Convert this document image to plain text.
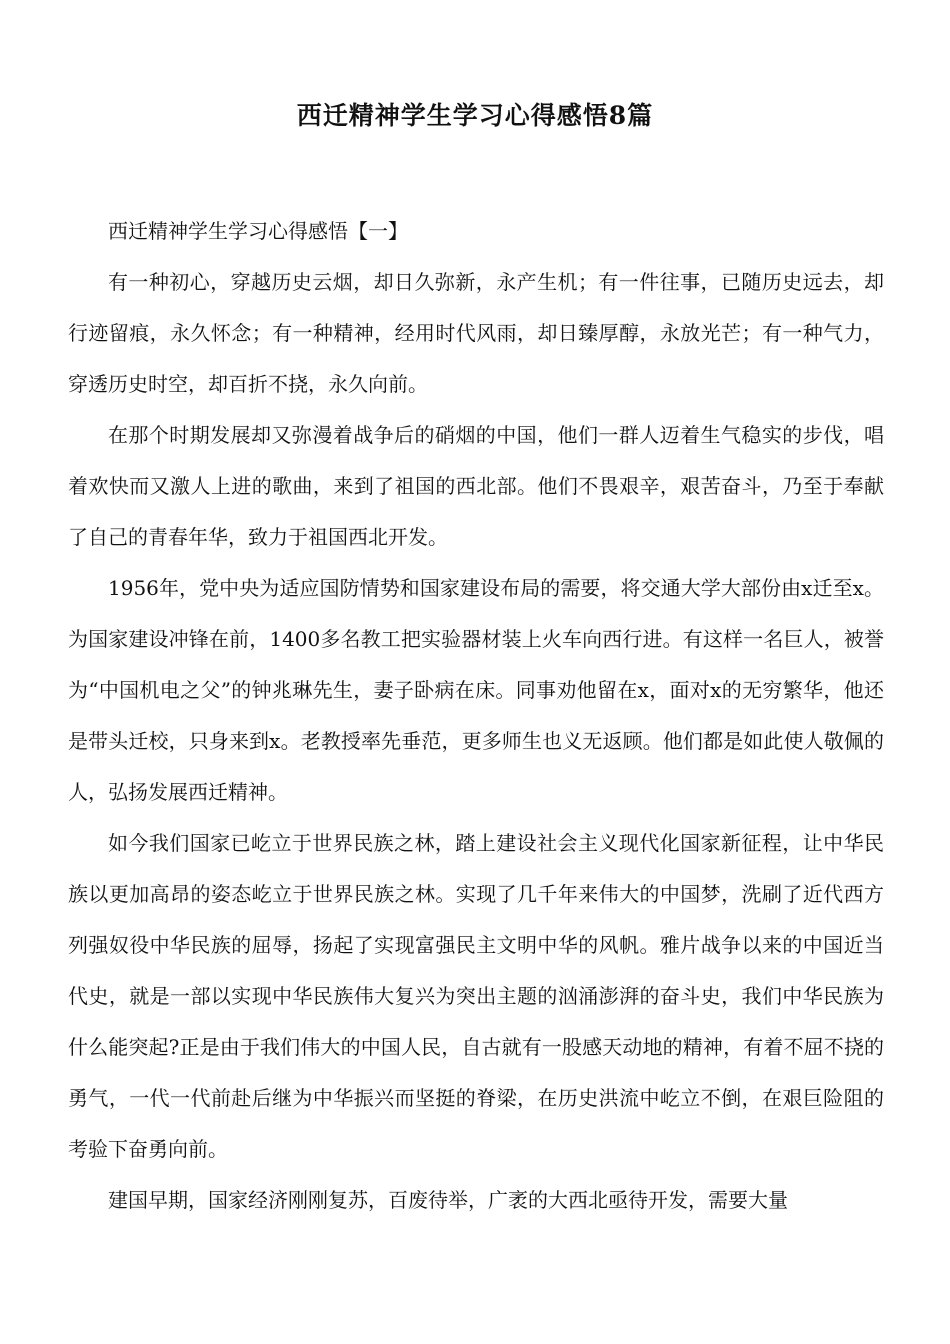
西迁精神学生学习心得感悟8篇

西迁精神学生学习心得感悟【一】

有一种初心，穿越历史云烟，却日久弥新，永产生机；有一件往事，已随历史远去，却行迹留痕，永久怀念；有一种精神，经用时代风雨，却日臻厚醇，永放光芒；有一种气力，穿透历史时空，却百折不挠，永久向前。

在那个时期发展却又弥漫着战争后的硝烟的中国，他们一群人迈着生气稳实的步伐，唱着欢快而又激人上进的歌曲，来到了祖国的西北部。他们不畏艰辛，艰苦奋斗，乃至于奉献了自己的青春年华，致力于祖国西北开发。

1956年，党中央为适应国防情势和国家建设布局的需要，将交通大学大部份由x迁至x。为国家建设冲锋在前，1400多名教工把实验器材装上火车向西行进。有这样一名巨人，被誉为“中国机电之父”的钟兆琳先生，妻子卧病在床。同事劝他留在x，面对x的无穷繁华，他还是带头迁校，只身来到x。老教授率先垂范，更多师生也义无返顾。他们都是如此使人敬佩的人，弘扬发展西迁精神。

如今我们国家已屹立于世界民族之林，踏上建设社会主义现代化国家新征程，让中华民族以更加高昂的姿态屹立于世界民族之林。实现了几千年来伟大的中国梦，洗刷了近代西方列强奴役中华民族的屈辱，扬起了实现富强民主文明中华的风帆。雅片战争以来的中国近当代史，就是一部以实现中华民族伟大复兴为突出主题的汹涌澎湃的奋斗史，我们中华民族为什么能突起?正是由于我们伟大的中国人民，自古就有一股感天动地的精神，有着不屈不挠的勇气，一代一代前赴后继为中华振兴而坚挺的脊梁，在历史洪流中屹立不倒，在艰巨险阻的考验下奋勇向前。

建国早期，国家经济刚刚复苏，百废待举，广袤的大西北亟待开发，需要大量
